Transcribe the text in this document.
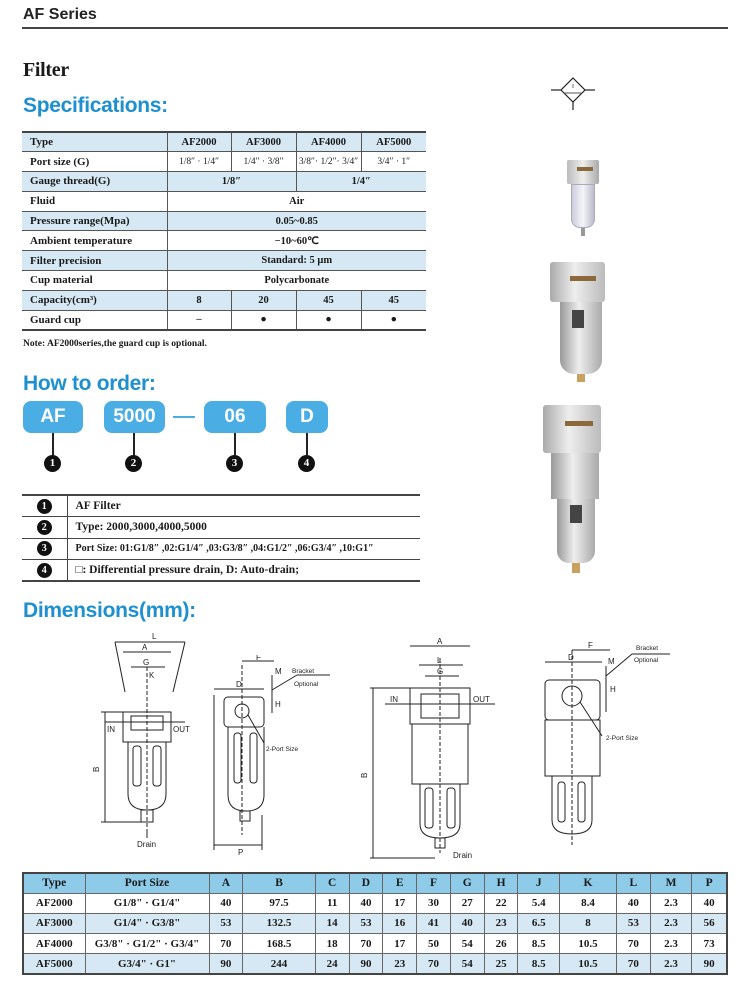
AF Series
Filter
Specifications:
Type	AF2000	AF3000	AF4000	AF5000
Port size (G)	1/8″ · 1/4″	1/4″ · 3/8″	3/8″· 1/2″· 3/4″	3/4″ · 1″
Gauge thread(G)	1/8″		1/4″	
Fluid	Air			
Pressure range(Mpa)	0.05~0.85			
Ambient temperature	−10~60℃			
Filter precision	Standard: 5 μm			
Cup material	Polycarbonate			
Capacity(cm³)	8	20	45	45
Guard cup	–	●	●	●
Note: AF2000series,the guard cup is optional.
How to order:
AF	5000	06	D
1	2	3	4
1	AF Filter
2	Type: 2000,3000,4000,5000
3	Port Size: 01:G1/8″ ,02:G1/4″ ,03:G3/8″ ,04:G1/2″ ,06:G3/4″ ,10:G1″
4	□: Differential pressure drain, D: Auto-drain;
Dimensions(mm):
A
L
G
K
B
IN	OUT
Drain
F
D
M
H
Bracket
Optional
2-Port Size
P
A
L
G
B
IN	OUT
Drain
F
D	M
H
Bracket
Optional
2-Port Size
Type	Port Size	A	B	C	D	E	F	G	H	J	K	L	M	P
AF2000	G1/8" · G1/4"	40	97.5	11	40	17	30	27	22	5.4	8.4	40	2.3	40
AF3000	G1/4" · G3/8"	53	132.5	14	53	16	41	40	23	6.5	8	53	2.3	56
AF4000	G3/8" · G1/2" · G3/4"	70	168.5	18	70	17	50	54	26	8.5	10.5	70	2.3	73
AF5000	G3/4" · G1"	90	244	24	90	23	70	54	25	8.5	10.5	70	2.3	90
